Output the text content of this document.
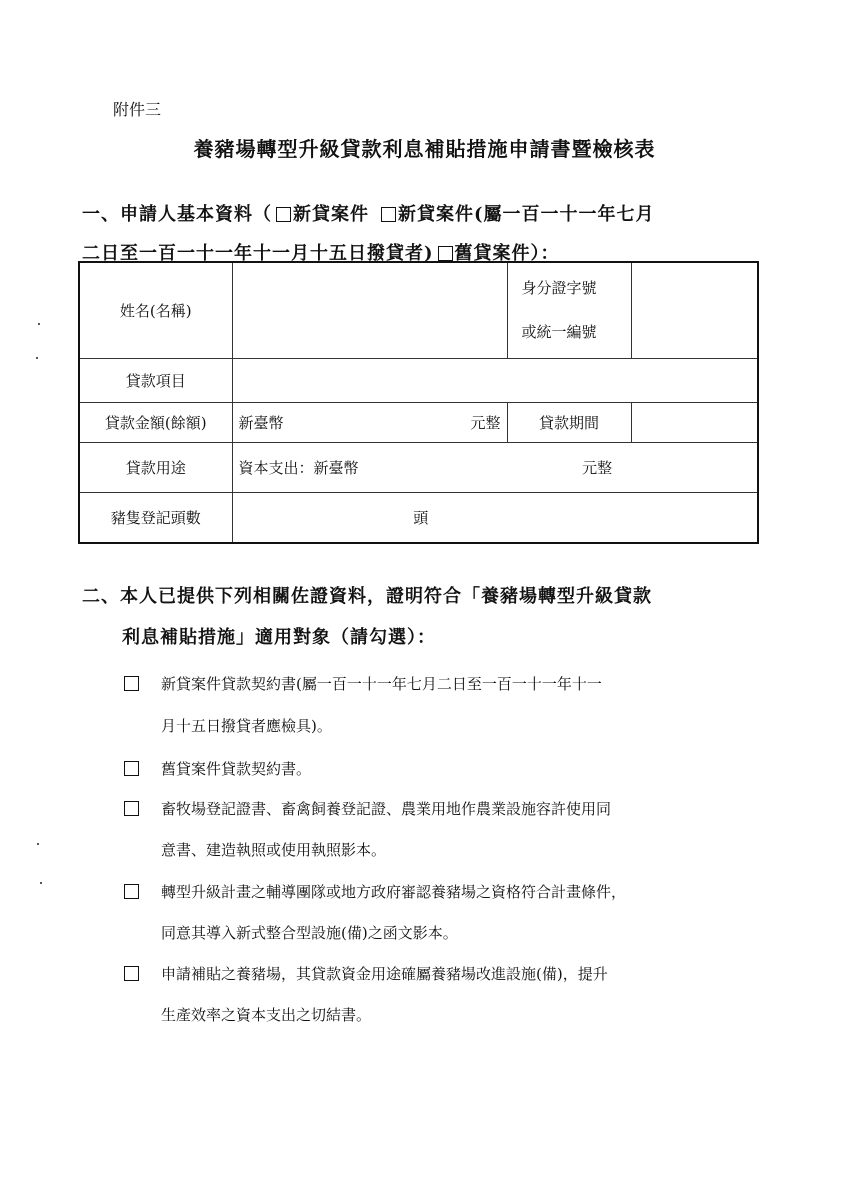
附件三
養豬場轉型升級貸款利息補貼措施申請書暨檢核表
一、申請人基本資料（ 新貸案件 新貸案件(屬一百一十一年七月
二日至一百一十一年十一月十五日撥貸者) 舊貸案件）：
姓名(名稱)		身分證字號
或統一編號	

貸款項目			
貸款金額(餘額)	新臺幣 元整	貸款期間	
貸款用途	資本支出：新臺幣 元整		
豬隻登記頭數	頭		
二、本人已提供下列相關佐證資料，證明符合「養豬場轉型升級貸款
利息補貼措施」適用對象（請勾選）：
新貸案件貸款契約書(屬一百一十一年七月二日至一百一十一年十一
月十五日撥貸者應檢具)。
舊貸案件貸款契約書。
畜牧場登記證書、畜禽飼養登記證、農業用地作農業設施容許使用同
意書、建造執照或使用執照影本。
轉型升級計畫之輔導團隊或地方政府審認養豬場之資格符合計畫條件，
同意其導入新式整合型設施(備)之函文影本。
申請補貼之養豬場，其貸款資金用途確屬養豬場改進設施(備)，提升
生產效率之資本支出之切結書。
